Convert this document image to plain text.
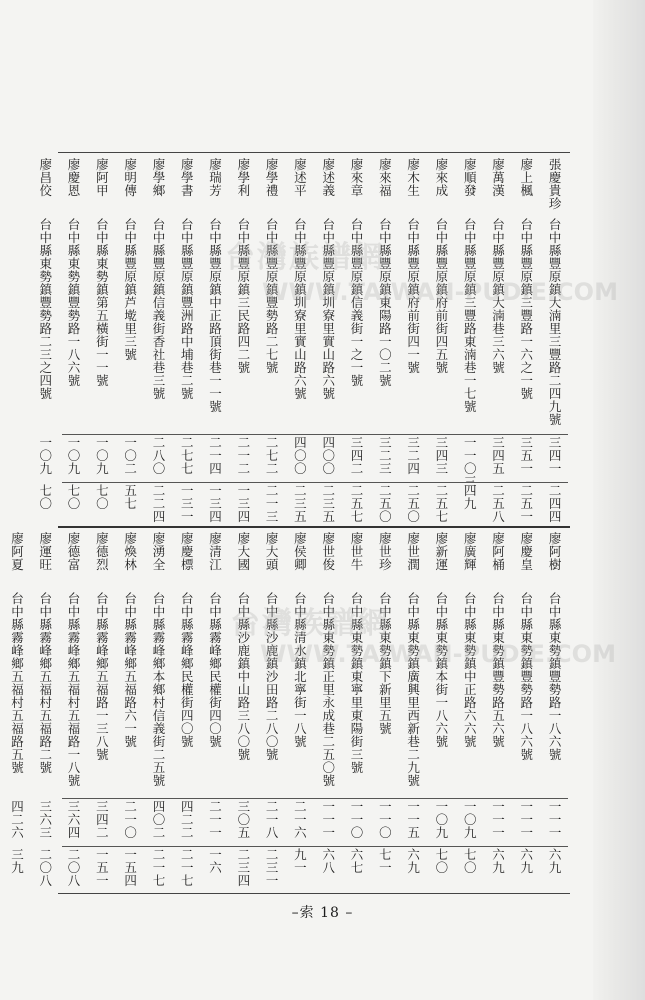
張慶貴珍
台中縣豐原鎮大湳里三豐路二四九號
三四一
二四四
廖上楓
台中縣豐原鎮三豐路一六之一號
三五一
二五一
廖萬漢
台中縣豐原鎮大湳巷三六號
三四五
二五八
廖順發
台中縣豐原鎮三豐路東湳巷一七號
一一〇三
四九
廖來成
台中縣豐原鎮府前街四五號
三四三
二五七
廖木生
台中縣豐原鎮府前街四一號
三二四
二五〇
廖來福
台中縣豐原鎮東陽路一〇二號
三二三
二五〇
廖來章
台中縣豐原鎮信義街一之一號
三四二
二五七
廖述義
台中縣豐原鎮圳寮里實山路六號
四〇〇
二三五
廖述平
台中縣豐原鎮圳寮里實山路六號
四〇〇
二三五
廖學禮
台中縣豐原鎮豐勢路二七號
二七二
二一三
廖學利
台中縣豐原鎮三民路四二號
二一二
一三四
廖瑞芳
台中縣豐原鎮中正路頂街巷一一號
二一四
一三四
廖學書
台中縣豐原鎮豐洲路中埔巷二號
二七七
一三一
廖學鄉
台中縣豐原鎮信義街香社巷三號
二八〇
二二四
廖明傳
台中縣豐原鎮芦墘里三號
一〇二
五七
廖阿甲
台中縣東勢鎮第五橫街一一號
一〇九
七〇
廖慶恩
台中縣東勢鎮豐勢路一八六號
一〇九
七〇
廖昌佼
台中縣東勢鎮豐勢路二三之四號
一〇九
七〇
廖阿樹
台中縣東勢鎮豐勢路一八六號
一一一
六九
廖慶皇
台中縣東勢鎮豐勢路一八六號
一一一
六九
廖阿桶
台中縣東勢鎮豐勢路五六號
一一一
六九
廖廣輝
台中縣東勢鎮中正路六六號
一〇九
七〇
廖新運
台中縣東勢鎮本街一八六號
一〇九
七〇
廖世潤
台中縣東勢鎮廣興里西新巷二九號
一一五
六九
廖世珍
台中縣東勢鎮下新里五號
一一〇
七一
廖世牛
台中縣東勢鎮東寧里東陽街三號
一一〇
六七
廖世俊
台中縣東勢鎮正里永成巷二五〇號
一一一
六八
廖侯卿
台中縣清水鎮北寧街一八號
二一六
九一
廖大頭
台中縣沙鹿鎮沙田路二八〇號
二一八
二三一
廖大國
台中縣沙鹿鎮中山路三八〇號
三〇五
二三四
廖清江
台中縣霧峰鄉民權街四〇號
二一一
一六
廖慶標
台中縣霧峰鄉民權街四〇號
四二二
二一七
廖湧全
台中縣霧峰鄉本鄉村信義街二五號
四〇二
二一七
廖煥林
台中縣霧峰鄉五福路六一號
二一〇
一五四
廖德烈
台中縣霧峰鄉五福路一三八號
三四二
一五一
廖德富
台中縣霧峰鄉五福村五福路一八號
三六四
二〇八
廖運旺
台中縣霧峰鄉五福村五福路二號
三六三
二〇八
廖阿夏
台中縣霧峰鄉五福村五福路五號
四二六
三九
台灣族譜網
WWW.TAIWAN-PUDIE.COM
台灣族譜網
WWW.TAIWAN-PUDIE.COM
–索 18 –
